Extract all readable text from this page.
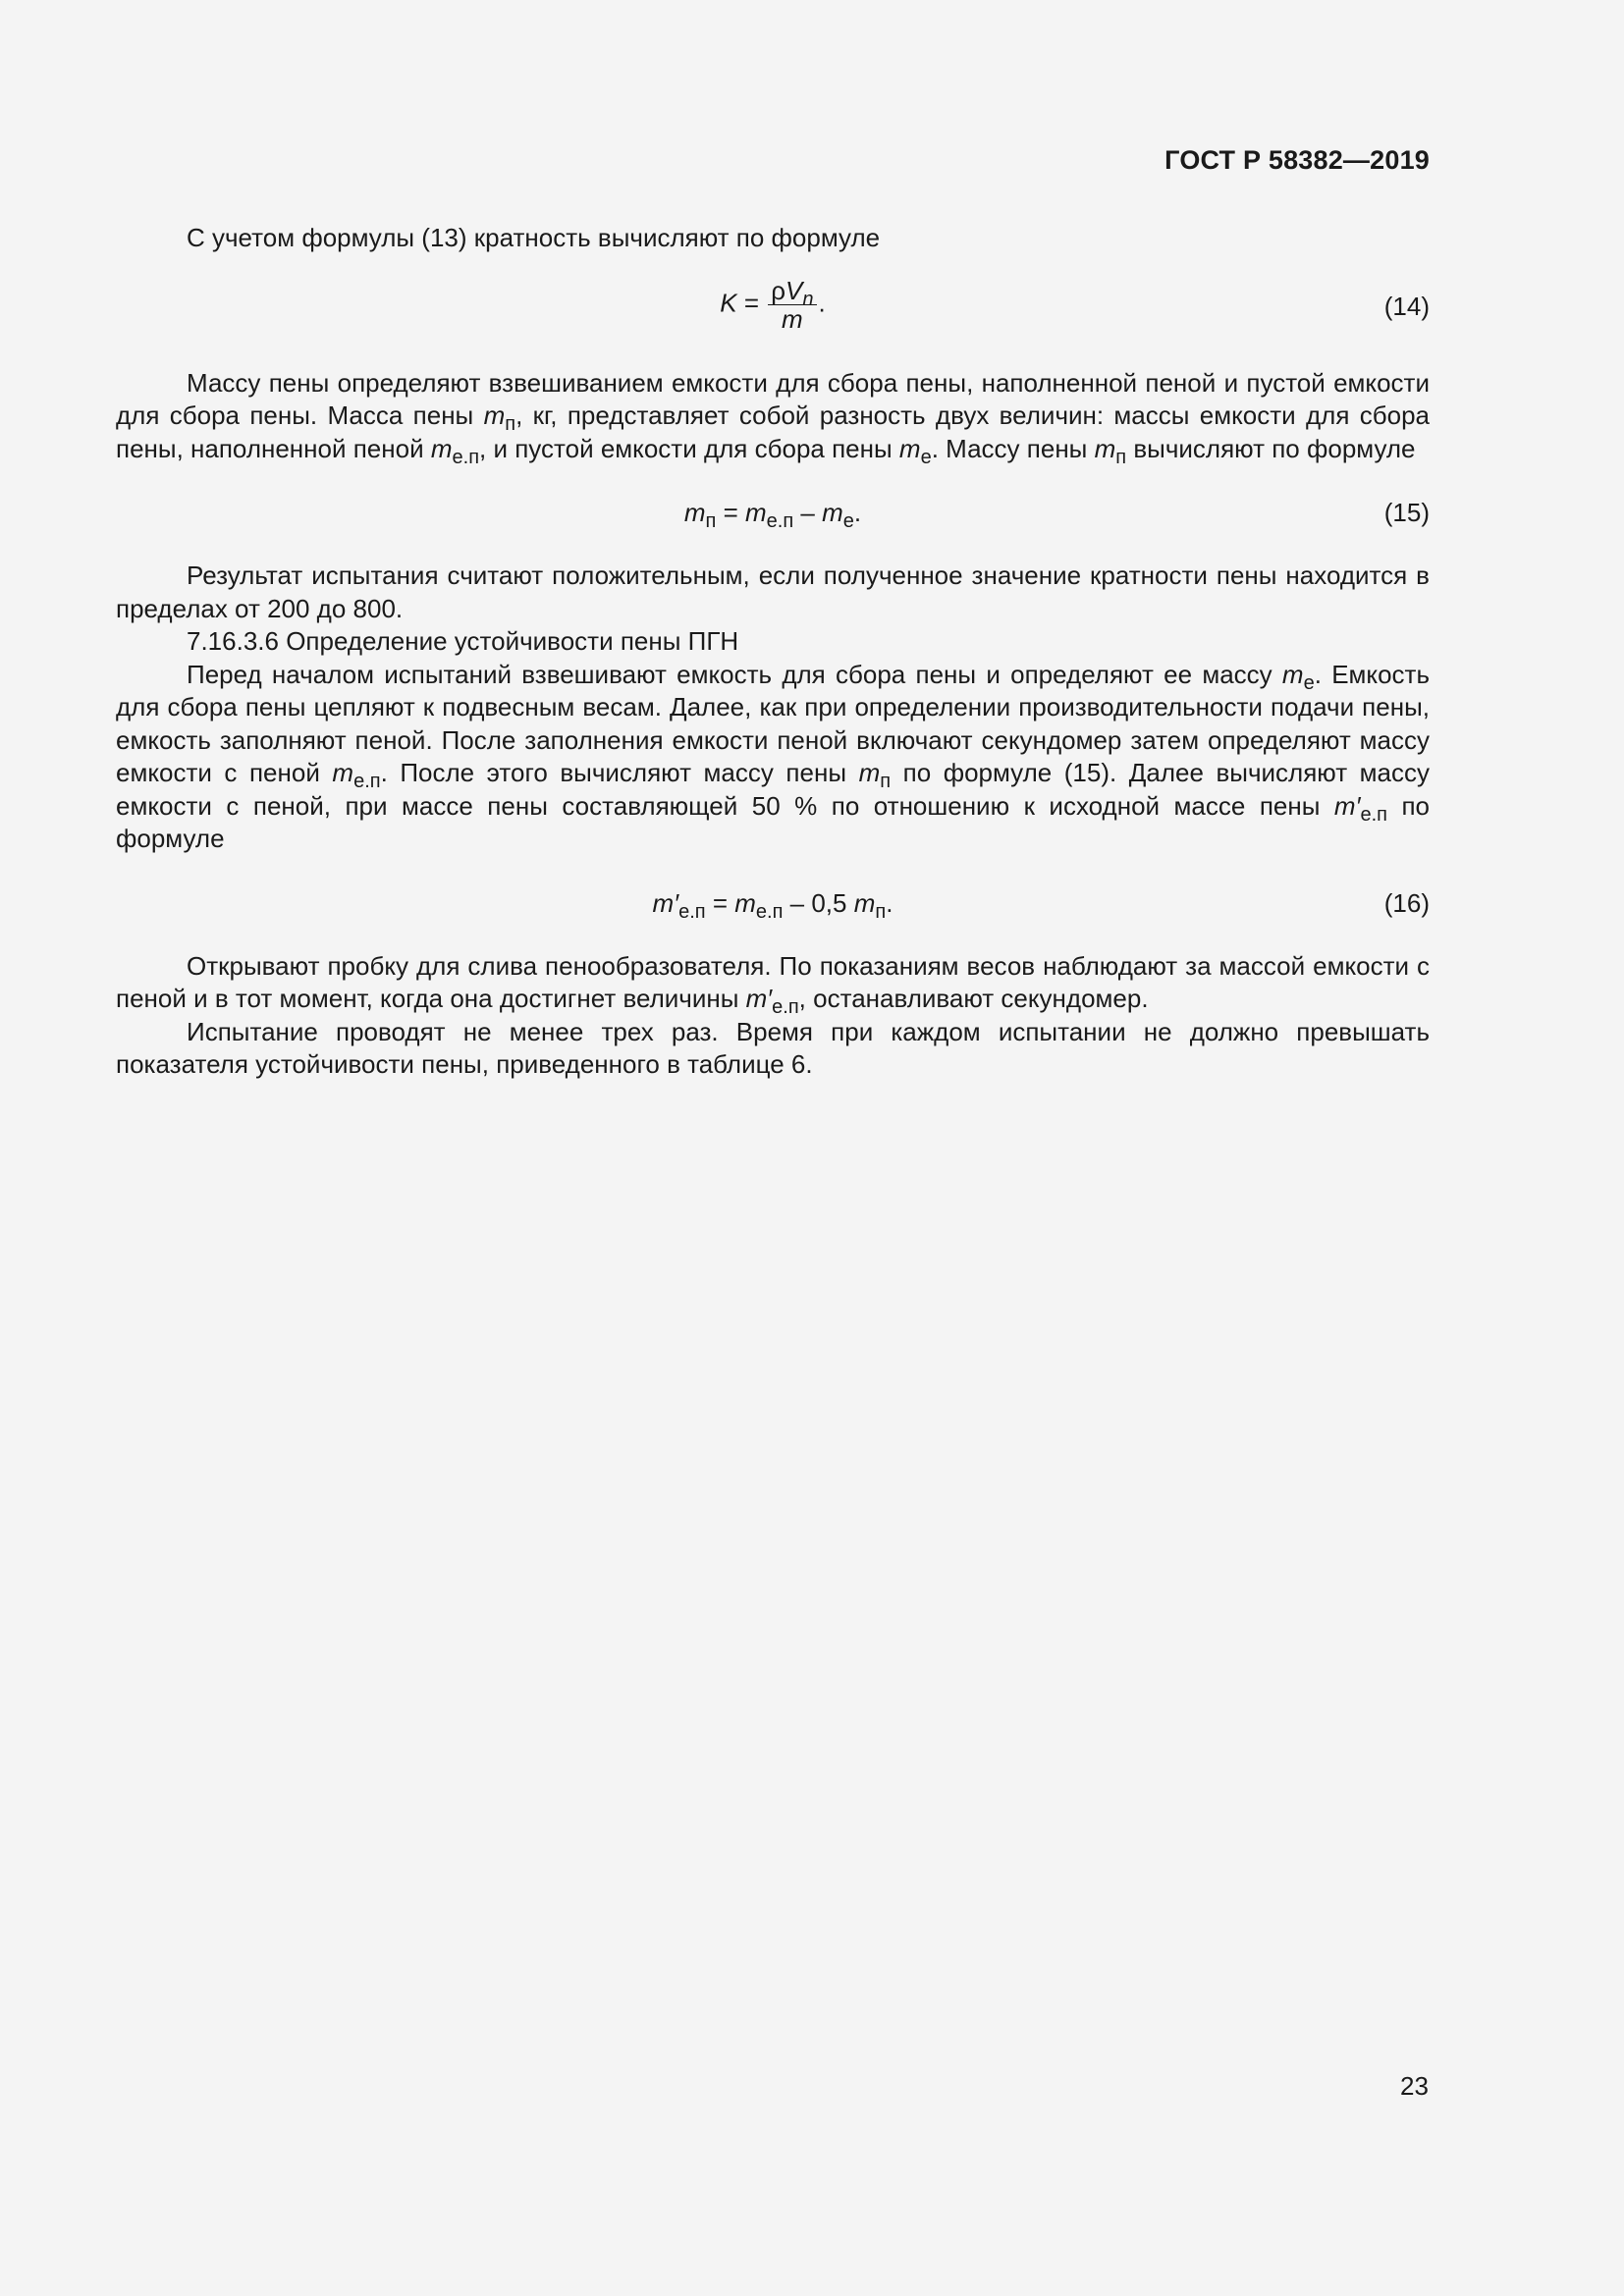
ГОСТ Р 58382—2019

С учетом формулы (13) кратность вычисляют по формуле

$K = \frac{\rho V_n}{m}$ .	(14)

Массу пены определяют взвешиванием емкости для сбора пены, наполненной пеной и пустой емкости для сбора пены. Масса пены $m_п$, кг, представляет собой разность двух величин: массы емкости для сбора пены, наполненной пеной $m_{е.п}$, и пустой емкости для сбора пены $m_е$. Массу пены $m_п$ вычисляют по формуле

$m_п = m_{е.п} - m_е$.	(15)

Результат испытания считают положительным, если полученное значение кратности пены находится в пределах от 200 до 800.

7.16.3.6 Определение устойчивости пены ПГН

Перед началом испытаний взвешивают емкость для сбора пены и определяют ее массу $m_е$. Емкость для сбора пены цепляют к подвесным весам. Далее, как при определении производительности подачи пены, емкость заполняют пеной. После заполнения емкости пеной включают секундомер затем определяют массу емкости с пеной $m_{е.п}$. После этого вычисляют массу пены $m_п$ по формуле (15). Далее вычисляют массу емкости с пеной, при массе пены составляющей 50 % по отношению к исходной массе пены $m'_{е.п}$ по формуле

$m'_{е.п} = m_{е.п} - 0,5$ $m_п$.	(16)

Открывают пробку для слива пенообразователя. По показаниям весов наблюдают за массой емкости с пеной и в тот момент, когда она достигнет величины $m'_{е.п}$, останавливают секундомер.

Испытание проводят не менее трех раз. Время при каждом испытании не должно превышать показателя устойчивости пены, приведенного в таблице 6.

23
